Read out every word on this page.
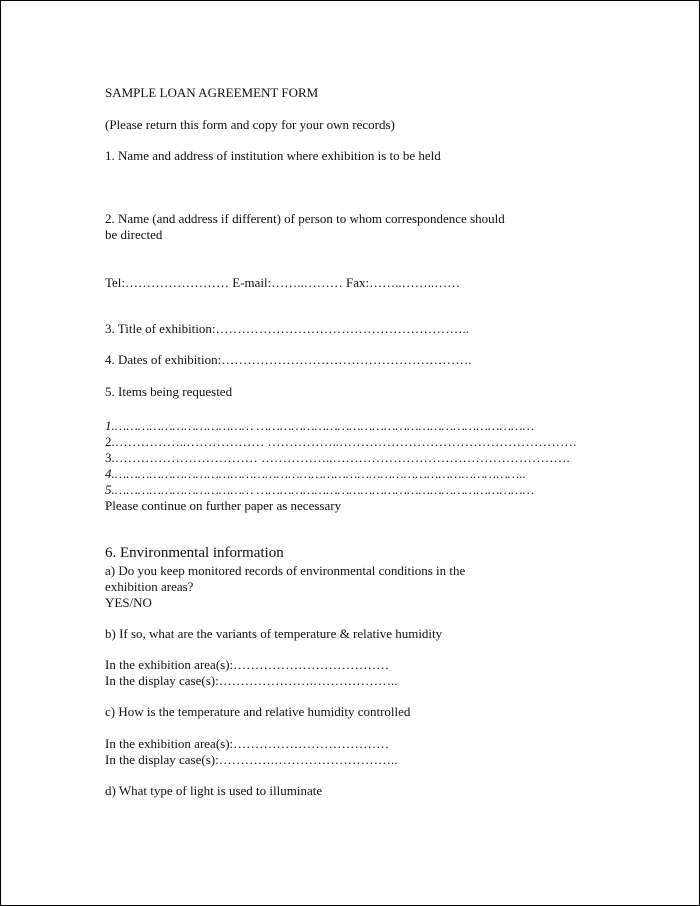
SAMPLE LOAN AGREEMENT FORM
(Please return this form and copy for your own records)
1. Name and address of institution where exhibition is to be held
2. Name (and address if different) of person to whom correspondence should
be directed
Tel:…………………… E-mail:……..……… Fax:……..……..……
3. Title of exhibition:…………………………………………………..
4. Dates of exhibition:………………………………………………….
5. Items being requested
1.……………………………… ………………………………………………………………
2.……………..……………… ……………..……………………………………………….
3.…………………………… ……………..……………………………………………….
4.……………………………………………………………………………………………..
5.……………………………… ………………………………………………………………
Please continue on further paper as necessary
6. Environmental information
a) Do you keep monitored records of environmental conditions in the
exhibition areas?
YES/NO
b) If so, what are the variants of temperature & relative humidity
In the exhibition area(s):………………………………
In the display case(s):………………….………………..
c) How is the temperature and relative humidity controlled
In the exhibition area(s):………………………………
In the display case(s):………….………………………..
d) What type of light is used to illuminate
